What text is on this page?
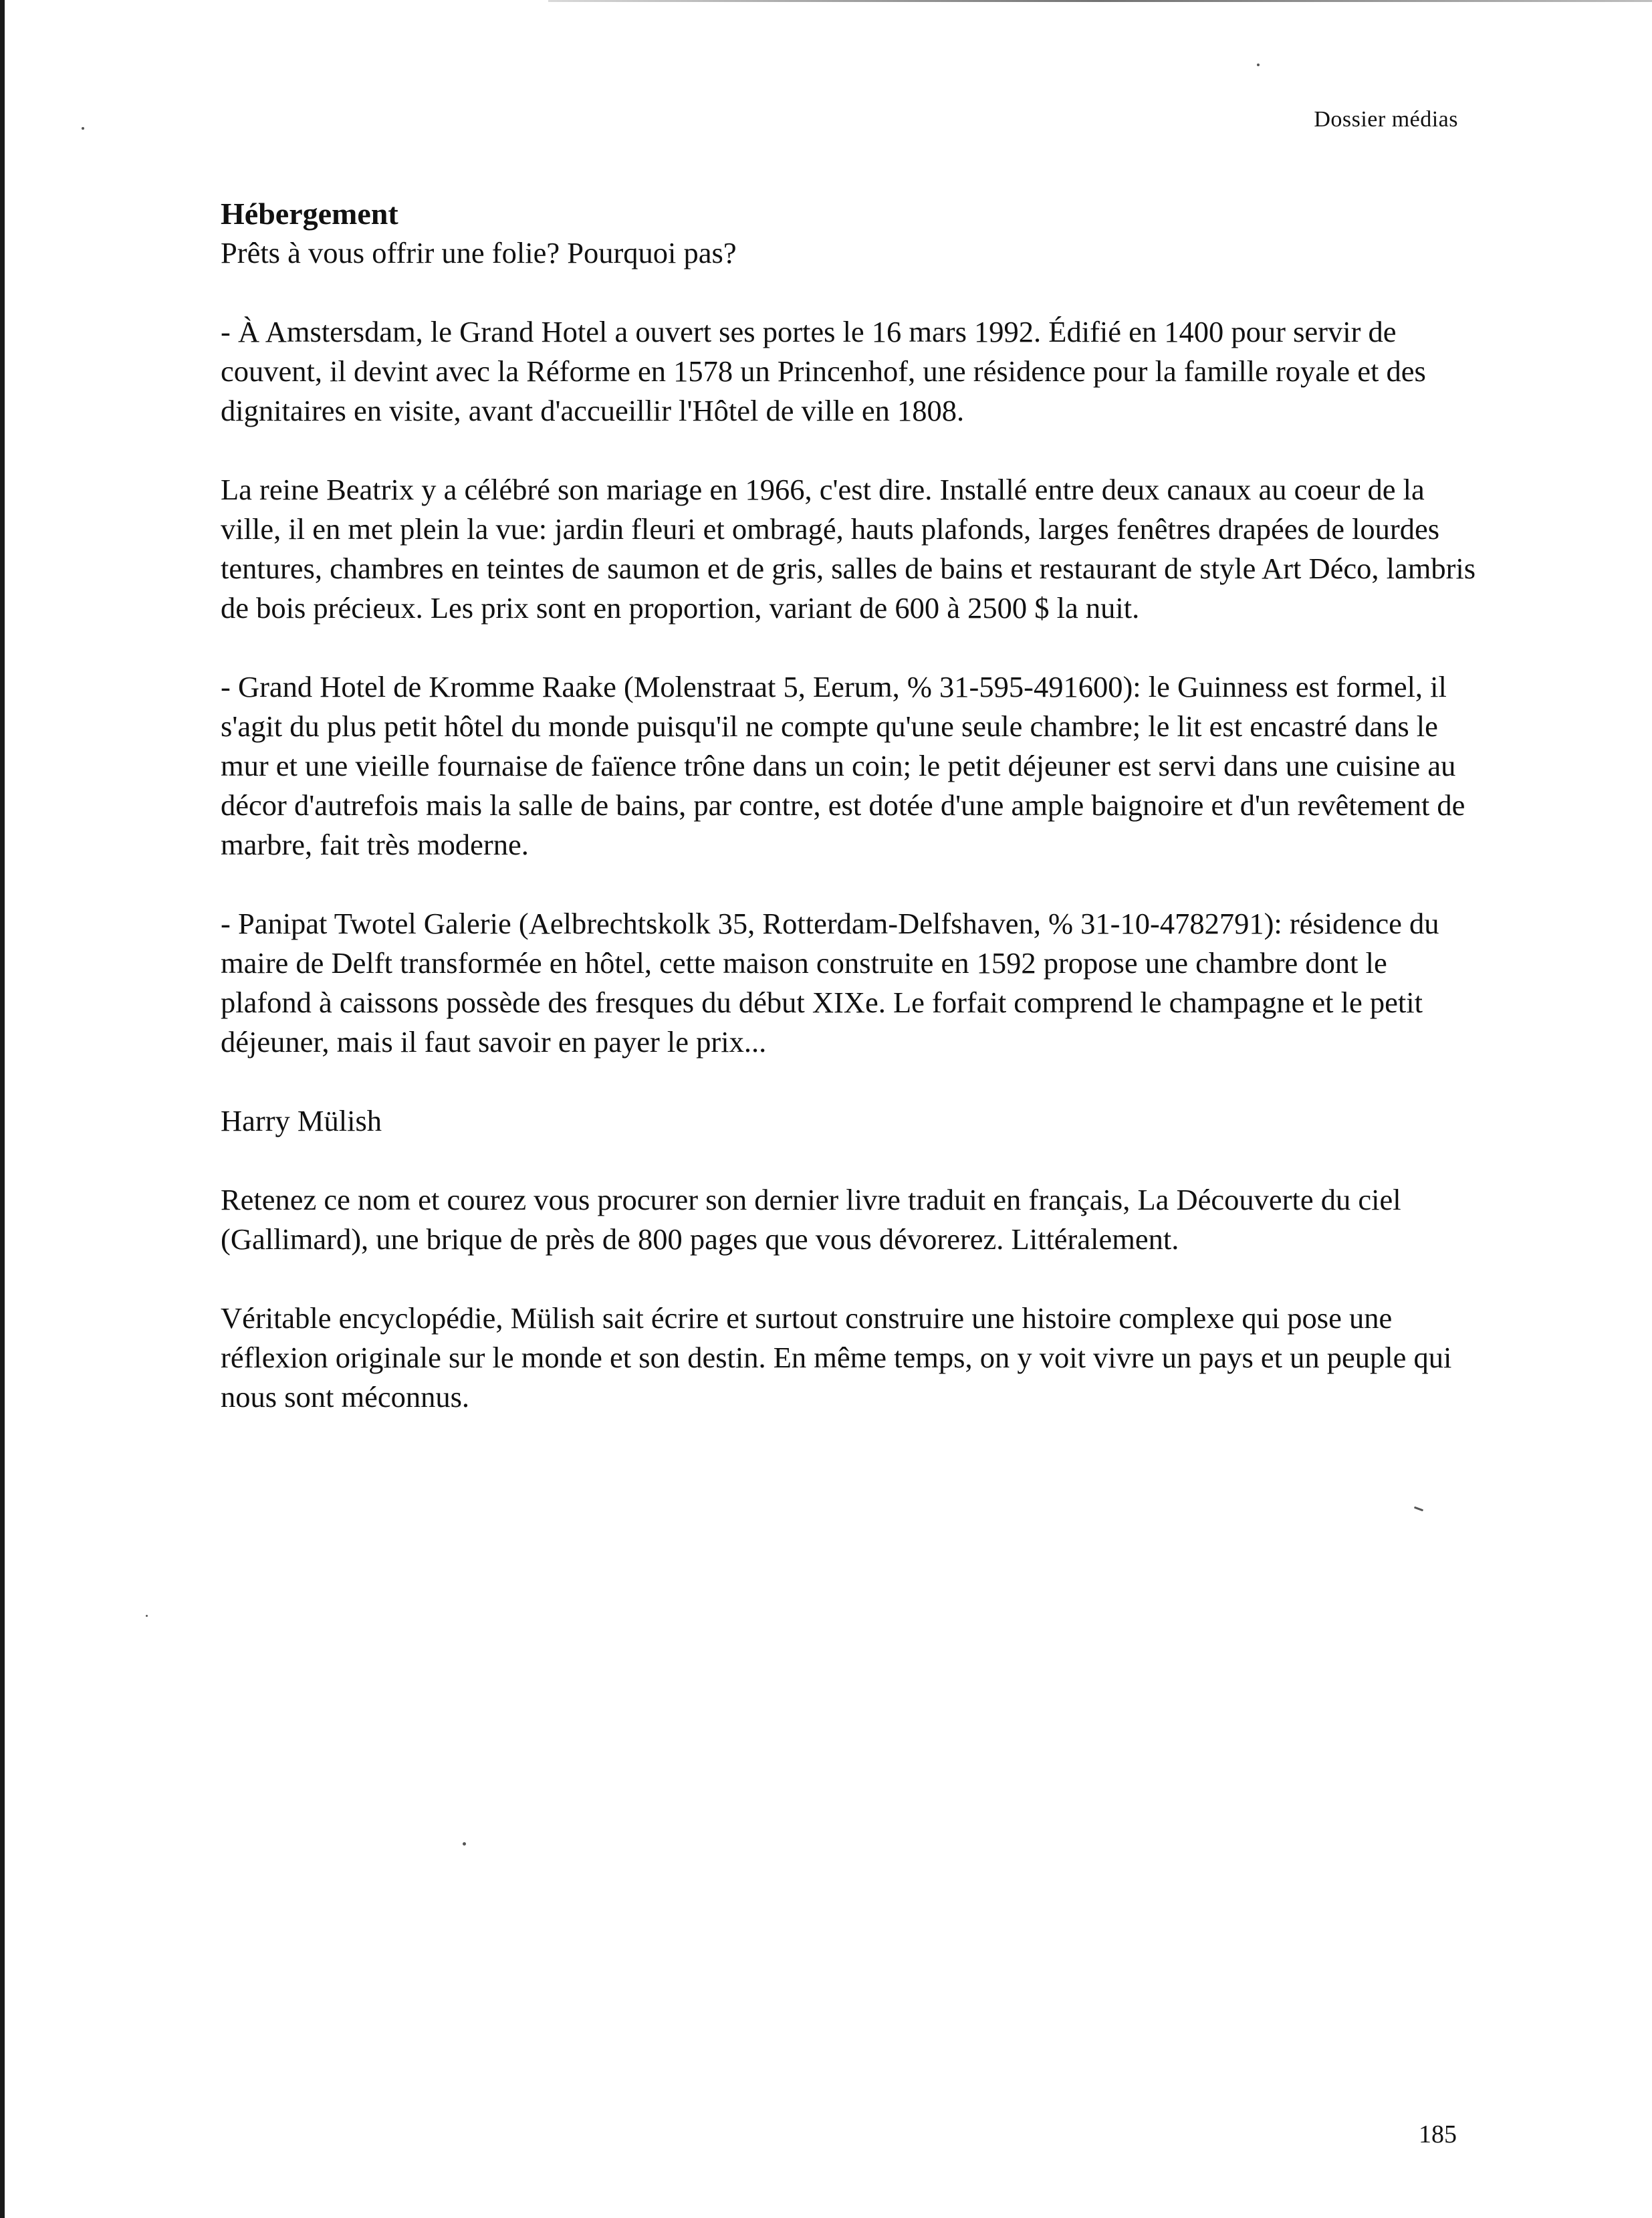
Dossier médias
Hébergement

Prêts à vous offrir une folie? Pourquoi pas?

- À Amstersdam, le Grand Hotel a ouvert ses portes le 16 mars 1992. Édifié en 1400 pour servir de couvent, il devint avec la Réforme en 1578 un Princenhof, une résidence pour la famille royale et des dignitaires en visite, avant d'accueillir l'Hôtel de ville en 1808.

La reine Beatrix y a célébré son mariage en 1966, c'est dire. Installé entre deux canaux au coeur de la ville, il en met plein la vue: jardin fleuri et ombragé, hauts plafonds, larges fenêtres drapées de lourdes tentures, chambres en teintes de saumon et de gris, salles de bains et restaurant de style Art Déco, lambris de bois précieux. Les prix sont en proportion, variant de 600 à 2500 $ la nuit.

- Grand Hotel de Kromme Raake (Molenstraat 5, Eerum, % 31-595-491600): le Guinness est formel, il s'agit du plus petit hôtel du monde puisqu'il ne compte qu'une seule chambre; le lit est encastré dans le mur et une vieille fournaise de faïence trône dans un coin; le petit déjeuner est servi dans une cuisine au décor d'autrefois mais la salle de bains, par contre, est dotée d'une ample baignoire et d'un revêtement de marbre, fait très moderne.

- Panipat Twotel Galerie (Aelbrechtskolk 35, Rotterdam-Delfshaven, % 31-10-4782791): résidence du maire de Delft transformée en hôtel, cette maison construite en 1592 propose une chambre dont le plafond à caissons possède des fresques du début XIXe. Le forfait comprend le champagne et le petit déjeuner, mais il faut savoir en payer le prix...

Harry Mülish

Retenez ce nom et courez vous procurer son dernier livre traduit en français, La Découverte du ciel (Gallimard), une brique de près de 800 pages que vous dévorerez. Littéralement.

Véritable encyclopédie, Mülish sait écrire et surtout construire une histoire complexe qui pose une réflexion originale sur le monde et son destin. En même temps, on y voit vivre un pays et un peuple qui nous sont méconnus.

185
